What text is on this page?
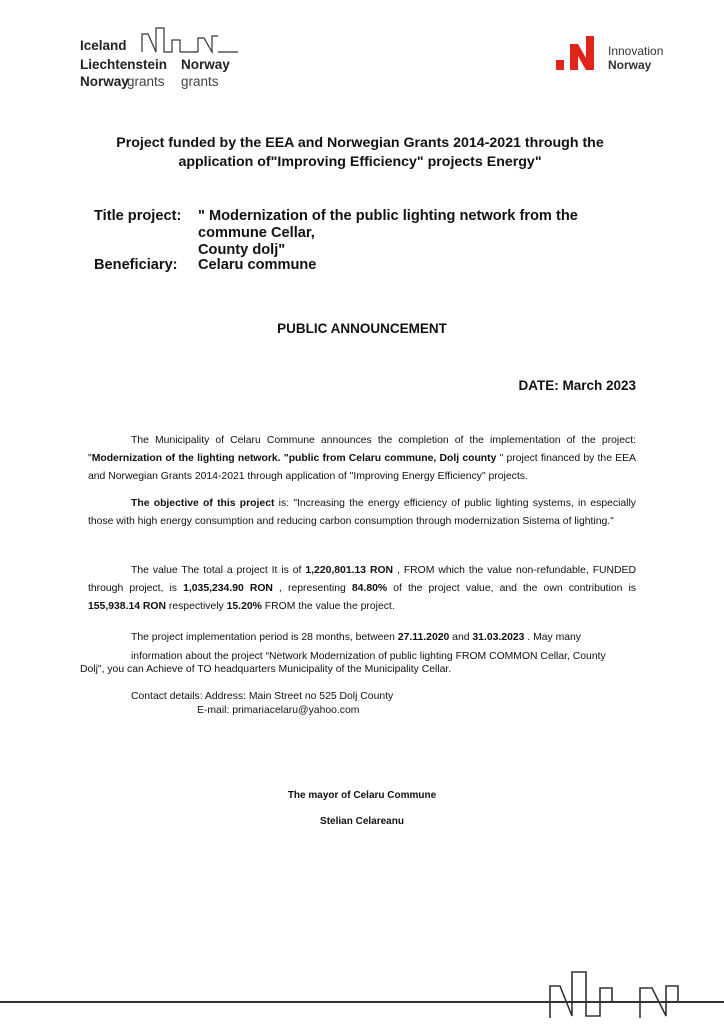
Iceland
Liechtenstein Norway
Norway
grants grants
Innovation
Norway
Project funded by the EEA and Norwegian Grants 2014-2021 through the
application of"Improving Efficiency" projects Energy"
Title project: " Modernization of the public lighting network from the
commune Cellar,
County dolj"
Beneficiary: Celaru commune
PUBLIC ANNOUNCEMENT
DATE: March 2023
The Municipality of Celaru Commune announces the completion of the implementation of the project: "Modernization of the lighting network. "public from Celaru commune, Dolj county " project financed by the EEA and Norwegian Grants 2014-2021 through application of "Improving Energy Efficiency" projects.
The objective of this project is: "Increasing the energy efficiency of public lighting systems, in especially those with high energy consumption and reducing carbon consumption through modernization Sistema of lighting."
The value The total a project It is of 1,220,801.13 RON , FROM which the value non-refundable, FUNDED through project, is 1,035,234.90 RON , representing 84.80% of the project value, and the own contribution is 155,938.14 RON respectively 15.20% FROM the value the project.
The project implementation period is 28 months, between 27.11.2020 and 31.03.2023 . May many
information about the project “Network Modernization of public lighting FROM COMMON Cellar, County
Dolj", you can Achieve of TO headquarters Municipality of the Municipality Cellar.
Contact details: Address: Main Street no 525 Dolj County
E-mail: primariacelaru@yahoo.com
The mayor of Celaru Commune
Stelian Celareanu
